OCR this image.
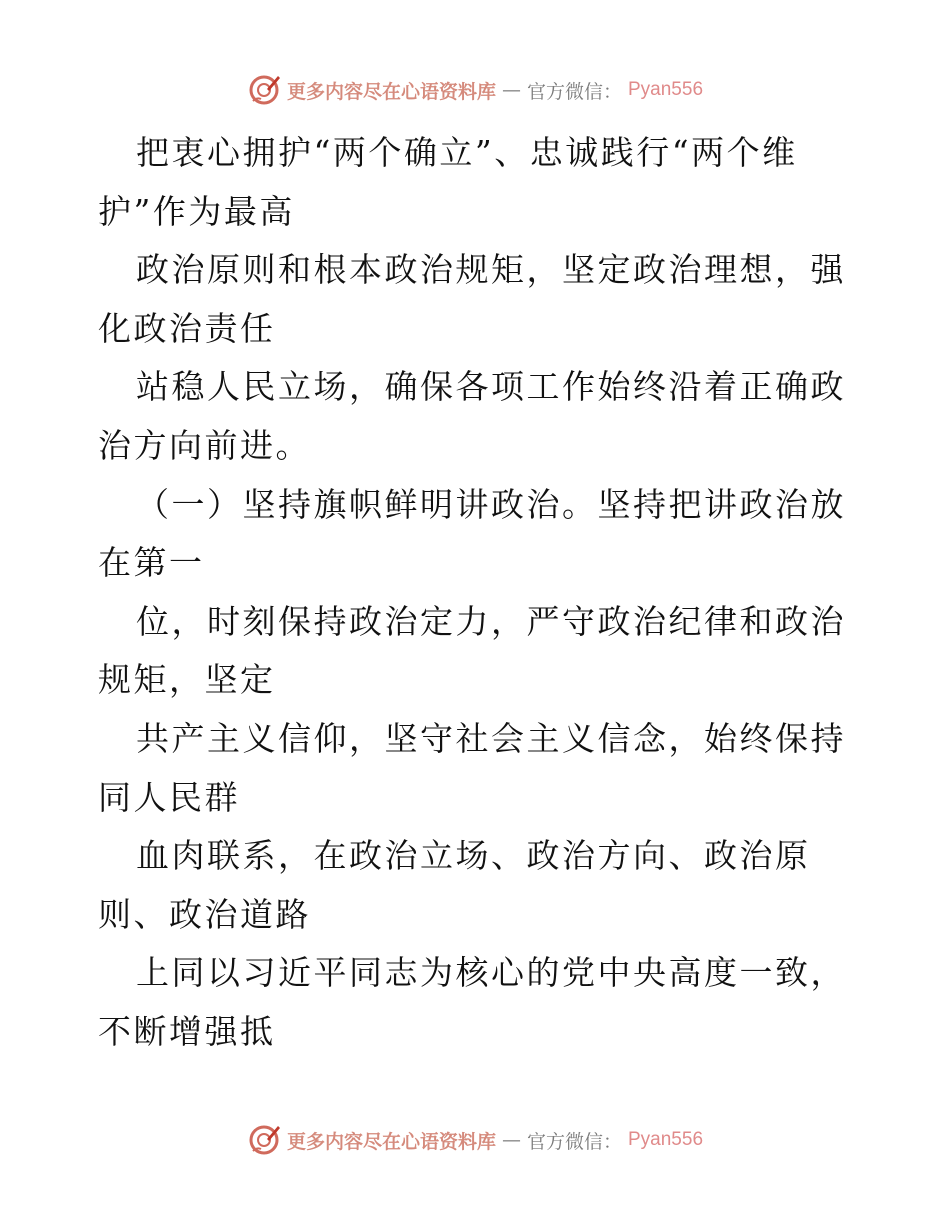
更多内容尽在心语资料库 — 官方微信： Pyan556

把衷心拥护“两个确立”、忠诚践行“两个维护”作为最高

政治原则和根本政治规矩，坚定政治理想，强化政治责任

站稳人民立场，确保各项工作始终沿着正确政治方向前进。

（一）坚持旗帜鲜明讲政治。坚持把讲政治放在第一

位，时刻保持政治定力，严守政治纪律和政治规矩，坚定

共产主义信仰，坚守社会主义信念，始终保持同人民群

血肉联系，在政治立场、政治方向、政治原则、政治道路

上同以习近平同志为核心的党中央高度一致，不断增强抵

更多内容尽在心语资料库 — 官方微信： Pyan556
